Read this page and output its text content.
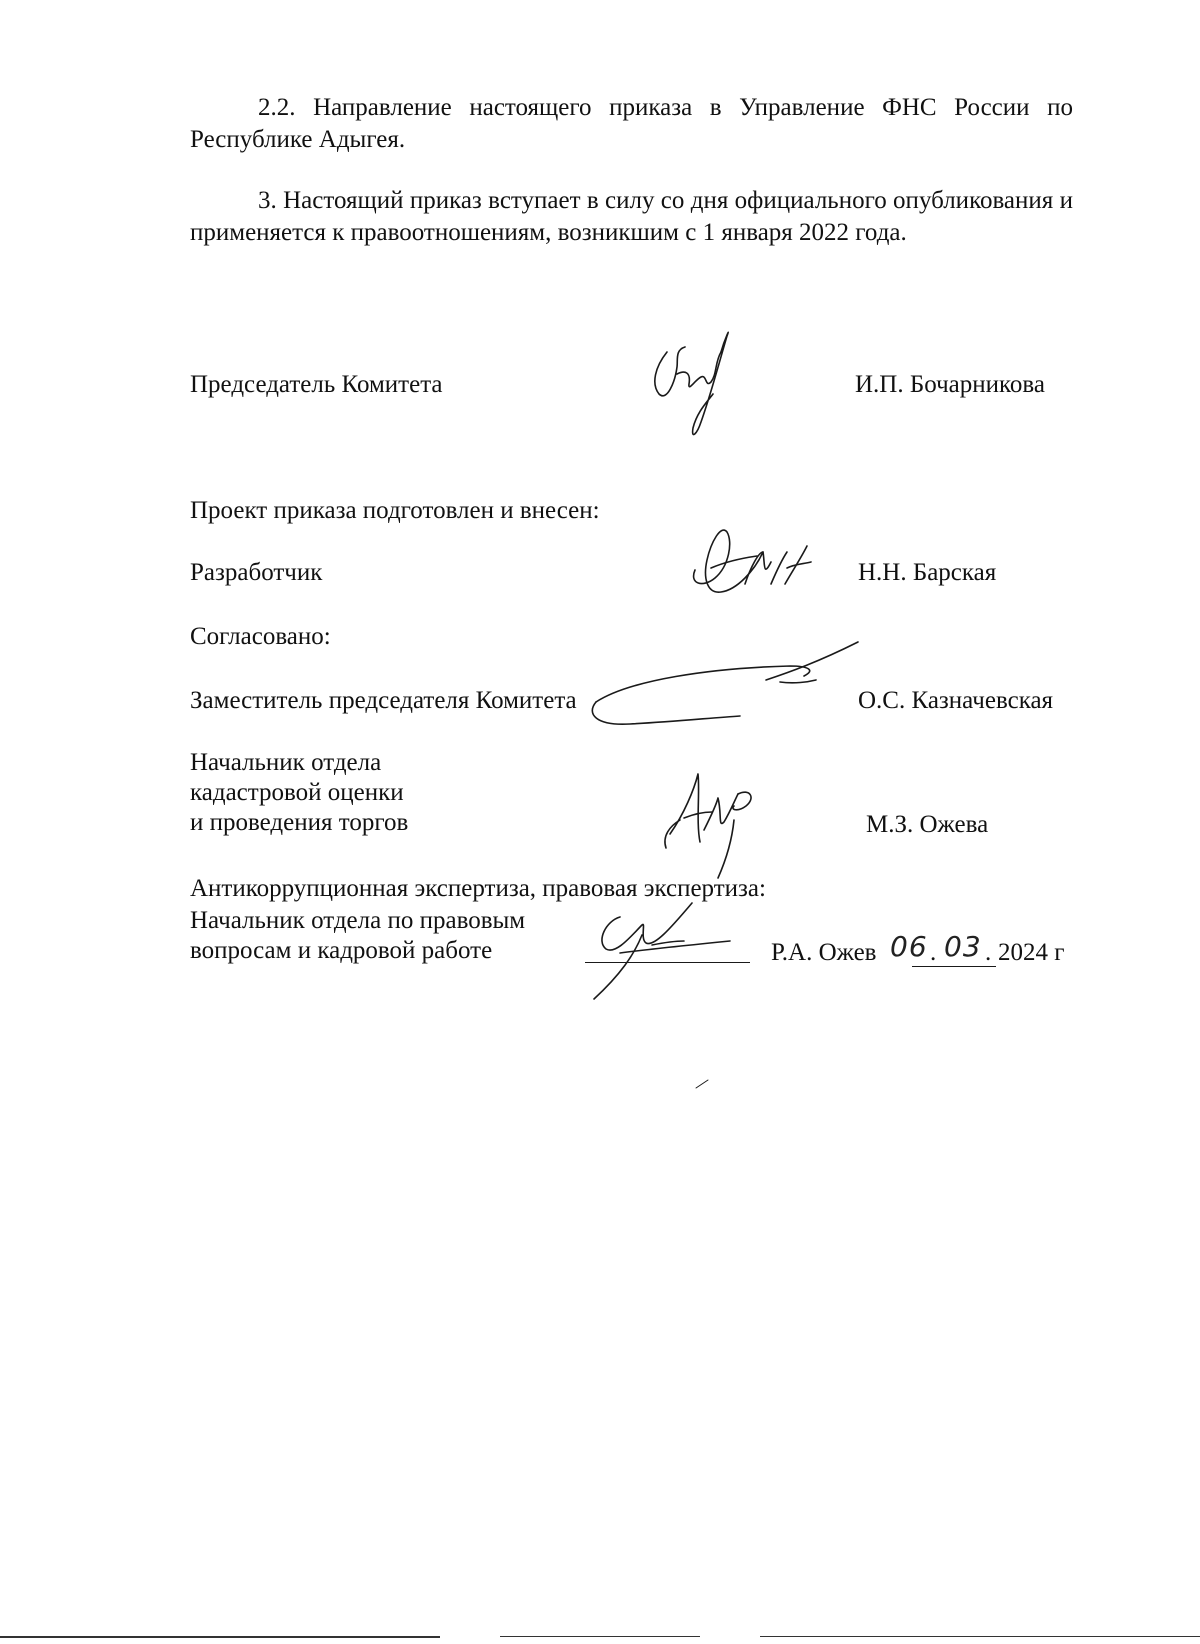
2.2. Направление настоящего приказа в Управление ФНС России по Республике Адыгея.

3. Настоящий приказ вступает в силу со дня официального опубликования и применяется к правоотношениям, возникшим с 1 января 2022 года.

Председатель Комитета	И.П. Бочарникова
Проект приказа подготовлен и внесен:
Разработчик	Н.Н. Барская
Согласовано:
Заместитель председателя Комитета	О.С. Казначевская
Начальник отдела
кадастровой оценки
и проведения торгов	М.З. Ожева
Антикоррупционная экспертиза, правовая экспертиза:
Начальник отдела по правовым
вопросам и кадровой работе	Р.А. Ожев 06 . 03 . 2024 г
